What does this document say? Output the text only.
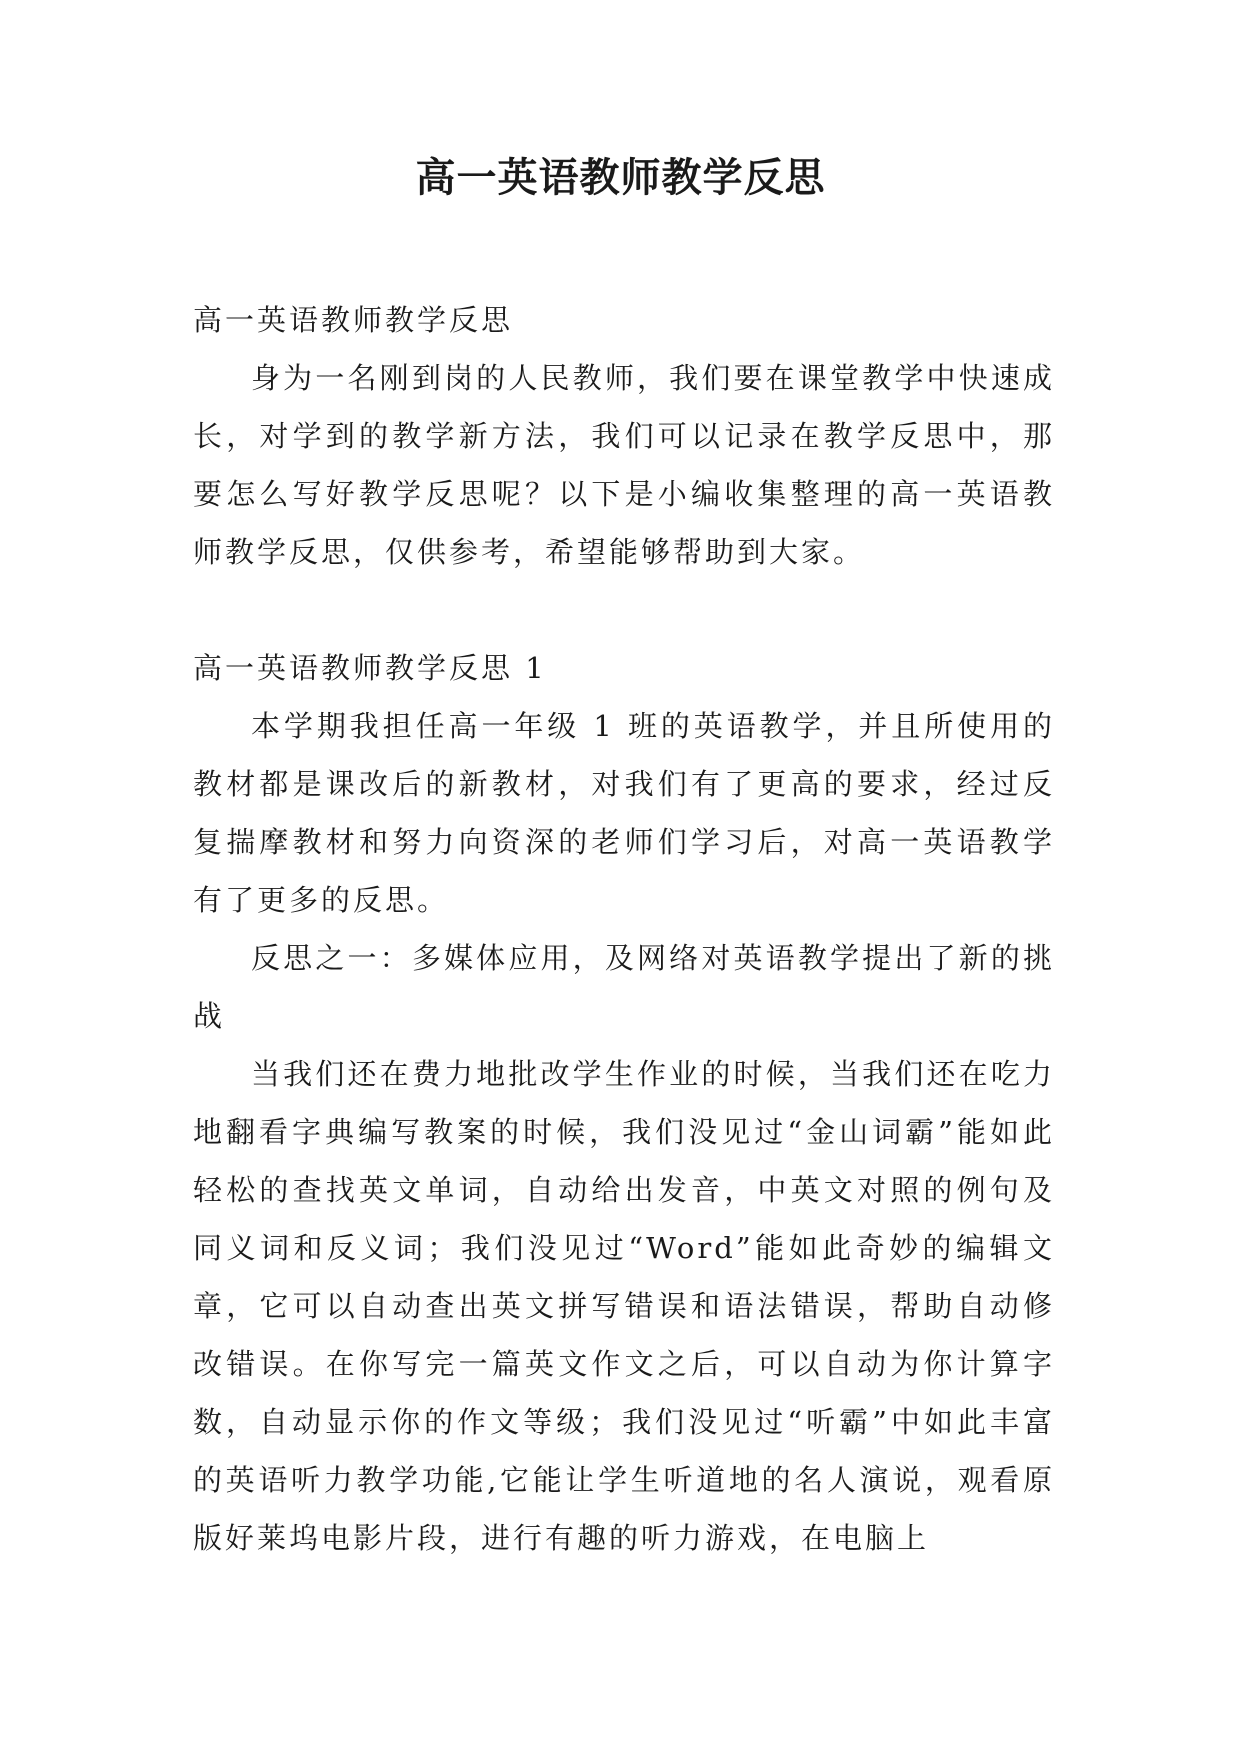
高一英语教师教学反思

高一英语教师教学反思

身为一名刚到岗的人民教师，我们要在课堂教学中快速成长，对学到的教学新方法，我们可以记录在教学反思中，那要怎么写好教学反思呢？以下是小编收集整理的高一英语教师教学反思，仅供参考，希望能够帮助到大家。

高一英语教师教学反思 1

本学期我担任高一年级 1 班的英语教学，并且所使用的教材都是课改后的新教材，对我们有了更高的要求，经过反复揣摩教材和努力向资深的老师们学习后，对高一英语教学有了更多的反思。

反思之一：多媒体应用，及网络对英语教学提出了新的挑战

当我们还在费力地批改学生作业的时候，当我们还在吃力地翻看字典编写教案的时候，我们没见过“金山词霸”能如此轻松的查找英文单词，自动给出发音，中英文对照的例句及同义词和反义词；我们没见过“Word”能如此奇妙的编辑文章，它可以自动查出英文拼写错误和语法错误，帮助自动修改错误。在你写完一篇英文作文之后，可以自动为你计算字数，自动显示你的作文等级；我们没见过“听霸”中如此丰富的英语听力教学功能,它能让学生听道地的名人演说，观看原版好莱坞电影片段，进行有趣的听力游戏，在电脑上
